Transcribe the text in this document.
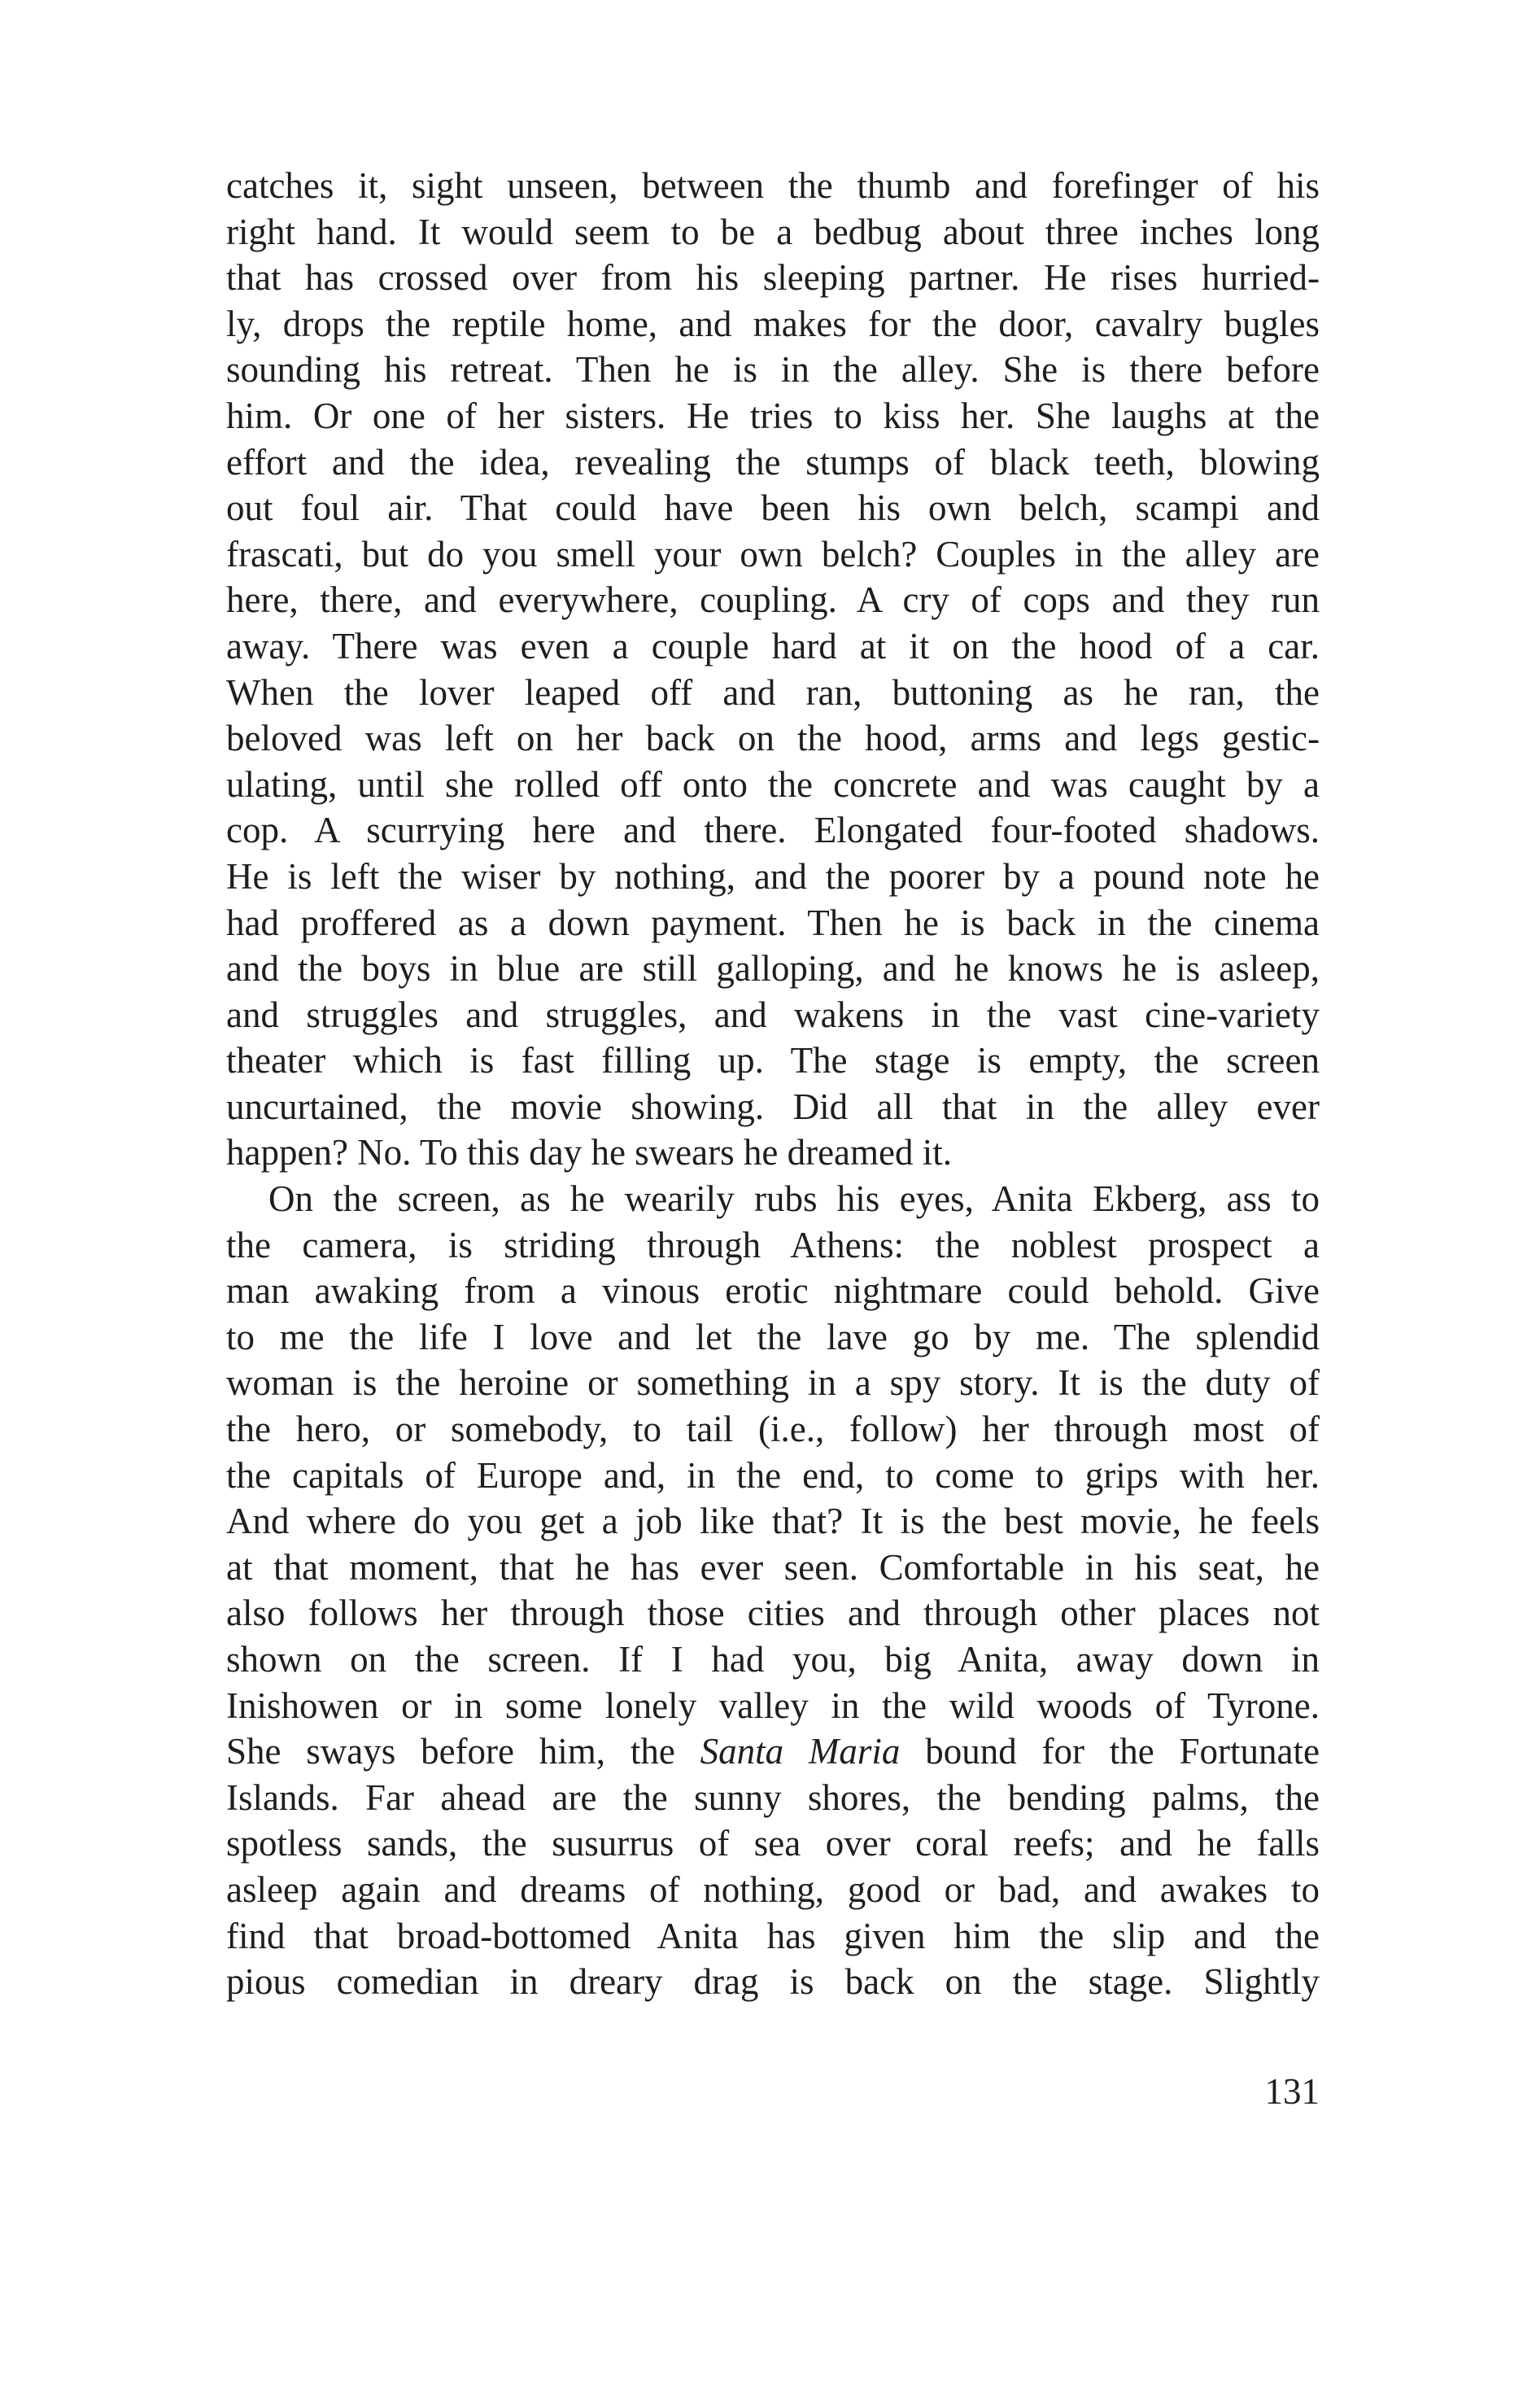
catches it, sight unseen, between the thumb and forefinger of his
right hand. It would seem to be a bedbug about three inches long
that has crossed over from his sleeping partner. He rises hurried-
ly, drops the reptile home, and makes for the door, cavalry bugles
sounding his retreat. Then he is in the alley. She is there before
him. Or one of her sisters. He tries to kiss her. She laughs at the
effort and the idea, revealing the stumps of black teeth, blowing
out foul air. That could have been his own belch, scampi and
frascati, but do you smell your own belch? Couples in the alley are
here, there, and everywhere, coupling. A cry of cops and they run
away. There was even a couple hard at it on the hood of a car.
When the lover leaped off and ran, buttoning as he ran, the
beloved was left on her back on the hood, arms and legs gestic-
ulating, until she rolled off onto the concrete and was caught by a
cop. A scurrying here and there. Elongated four-footed shadows.
He is left the wiser by nothing, and the poorer by a pound note he
had proffered as a down payment. Then he is back in the cinema
and the boys in blue are still galloping, and he knows he is asleep,
and struggles and struggles, and wakens in the vast cine-variety
theater which is fast filling up. The stage is empty, the screen
uncurtained, the movie showing. Did all that in the alley ever
happen? No. To this day he swears he dreamed it.
On the screen, as he wearily rubs his eyes, Anita Ekberg, ass to
the camera, is striding through Athens: the noblest prospect a
man awaking from a vinous erotic nightmare could behold. Give
to me the life I love and let the lave go by me. The splendid
woman is the heroine or something in a spy story. It is the duty of
the hero, or somebody, to tail (i.e., follow) her through most of
the capitals of Europe and, in the end, to come to grips with her.
And where do you get a job like that? It is the best movie, he feels
at that moment, that he has ever seen. Comfortable in his seat, he
also follows her through those cities and through other places not
shown on the screen. If I had you, big Anita, away down in
Inishowen or in some lonely valley in the wild woods of Tyrone.
She sways before him, the Santa Maria bound for the Fortunate
Islands. Far ahead are the sunny shores, the bending palms, the
spotless sands, the susurrus of sea over coral reefs; and he falls
asleep again and dreams of nothing, good or bad, and awakes to
find that broad-bottomed Anita has given him the slip and the
pious comedian in dreary drag is back on the stage. Slightly
131
